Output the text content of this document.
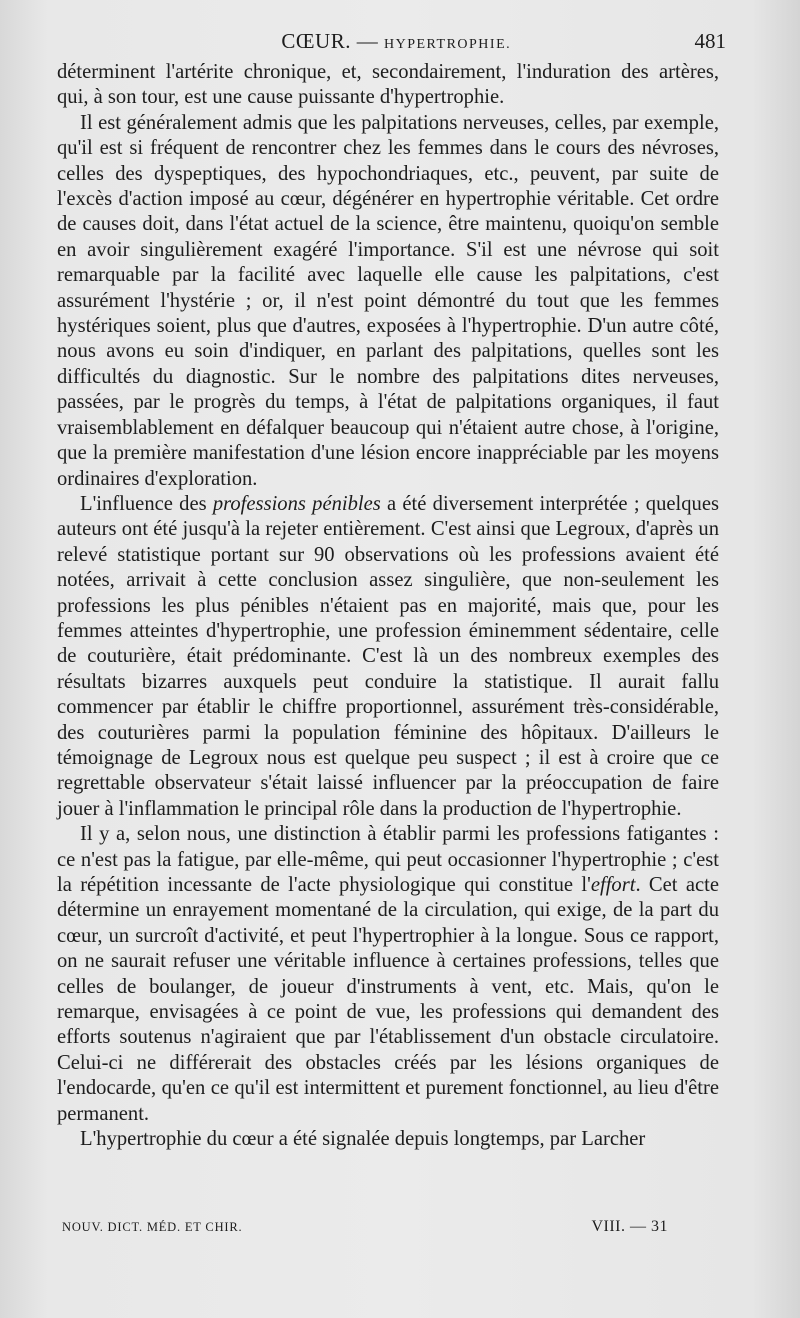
CŒUR. — HYPERTROPHIE.	481

déterminent l'artérite chronique, et, secondairement, l'induration des artères, qui, à son tour, est une cause puissante d'hypertrophie.

Il est généralement admis que les palpitations nerveuses, celles, par exemple, qu'il est si fréquent de rencontrer chez les femmes dans le cours des névroses, celles des dyspeptiques, des hypochondriaques, etc., peuvent, par suite de l'excès d'action imposé au cœur, dégénérer en hypertrophie véritable. Cet ordre de causes doit, dans l'état actuel de la science, être maintenu, quoiqu'on semble en avoir singulièrement exagéré l'importance. S'il est une névrose qui soit remarquable par la facilité avec laquelle elle cause les palpitations, c'est assurément l'hystérie ; or, il n'est point démontré du tout que les femmes hystériques soient, plus que d'autres, exposées à l'hypertrophie. D'un autre côté, nous avons eu soin d'indiquer, en parlant des palpitations, quelles sont les difficultés du diagnostic. Sur le nombre des palpitations dites nerveuses, passées, par le progrès du temps, à l'état de palpitations organiques, il faut vraisemblablement en défalquer beaucoup qui n'étaient autre chose, à l'origine, que la première manifestation d'une lésion encore inappréciable par les moyens ordinaires d'exploration.

L'influence des professions pénibles a été diversement interprétée ; quelques auteurs ont été jusqu'à la rejeter entièrement. C'est ainsi que Legroux, d'après un relevé statistique portant sur 90 observations où les professions avaient été notées, arrivait à cette conclusion assez singulière, que non-seulement les professions les plus pénibles n'étaient pas en majorité, mais que, pour les femmes atteintes d'hypertrophie, une profession éminemment sédentaire, celle de couturière, était prédominante. C'est là un des nombreux exemples des résultats bizarres auxquels peut conduire la statistique. Il aurait fallu commencer par établir le chiffre proportionnel, assurément très-considérable, des couturières parmi la population féminine des hôpitaux. D'ailleurs le témoignage de Legroux nous est quelque peu suspect ; il est à croire que ce regrettable observateur s'était laissé influencer par la préoccupation de faire jouer à l'inflammation le principal rôle dans la production de l'hypertrophie.

Il y a, selon nous, une distinction à établir parmi les professions fatigantes : ce n'est pas la fatigue, par elle-même, qui peut occasionner l'hypertrophie ; c'est la répétition incessante de l'acte physiologique qui constitue l'effort. Cet acte détermine un enrayement momentané de la circulation, qui exige, de la part du cœur, un surcroît d'activité, et peut l'hypertrophier à la longue. Sous ce rapport, on ne saurait refuser une véritable influence à certaines professions, telles que celles de boulanger, de joueur d'instruments à vent, etc. Mais, qu'on le remarque, envisagées à ce point de vue, les professions qui demandent des efforts soutenus n'agiraient que par l'établissement d'un obstacle circulatoire. Celui-ci ne différerait des obstacles créés par les lésions organiques de l'endocarde, qu'en ce qu'il est intermittent et purement fonctionnel, au lieu d'être permanent.

L'hypertrophie du cœur a été signalée depuis longtemps, par Larcher

NOUV. DICT. MÉD. ET CHIR.	VIII. — 31
